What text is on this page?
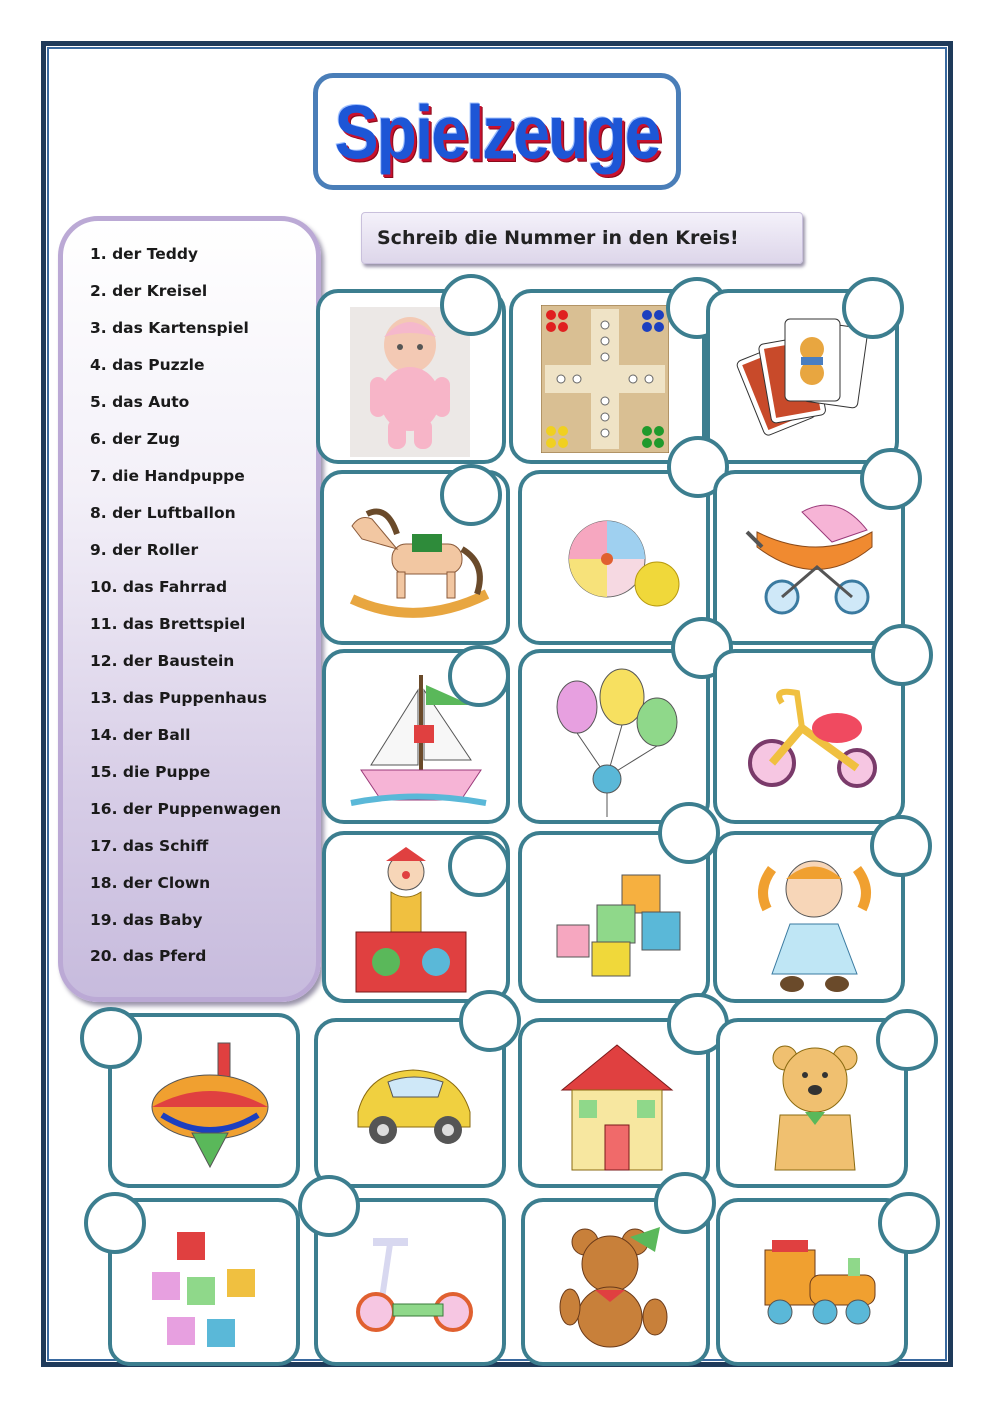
Spielzeuge
Schreib die Nummer in den Kreis!
1. der Teddy
2. der Kreisel
3. das Kartenspiel
4. das Puzzle
5. das Auto
6. der Zug
7. die Handpuppe
8. der Luftballon
9. der Roller
10. das Fahrrad
11. das Brettspiel
12. der Baustein
13. das Puppenhaus
14. der Ball
15. die Puppe
16. der Puppenwagen
17. das Schiff
18. der Clown
19. das Baby
20. das Pferd
